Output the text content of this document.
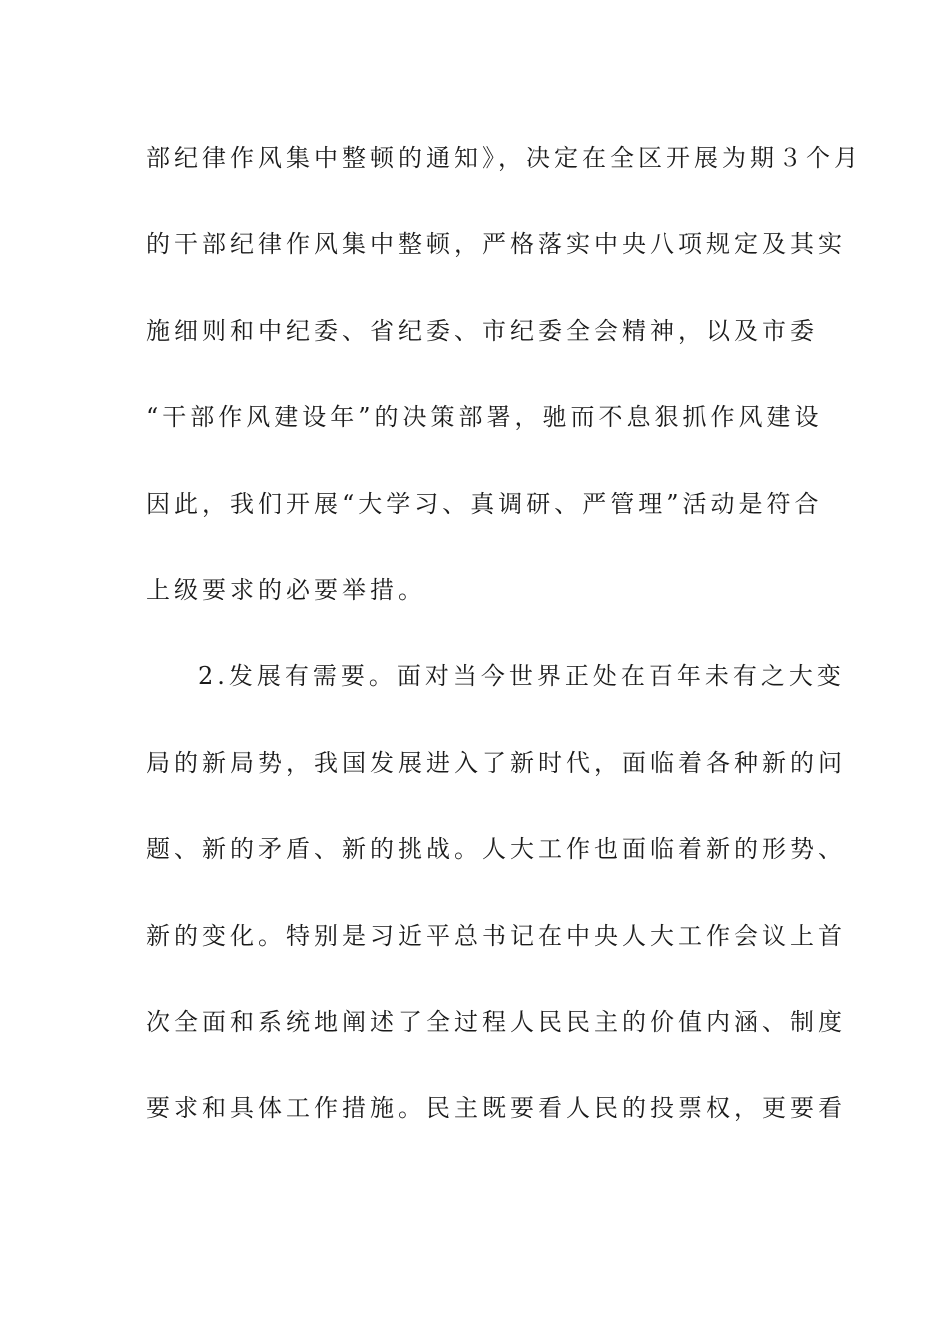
部纪律作风集中整顿的通知》，决定在全区开展为期３个月
的干部纪律作风集中整顿，严格落实中央八项规定及其实
施细则和中纪委、省纪委、市纪委全会精神，以及市委
“干部作风建设年”的决策部署，驰而不息狠抓作风建设
因此，我们开展“大学习、真调研、严管理”活动是符合
上级要求的必要举措。
2.发展有需要。面对当今世界正处在百年未有之大变
局的新局势，我国发展进入了新时代，面临着各种新的问
题、新的矛盾、新的挑战。人大工作也面临着新的形势、
新的变化。特别是习近平总书记在中央人大工作会议上首
次全面和系统地阐述了全过程人民民主的价值内涵、制度
要求和具体工作措施。民主既要看人民的投票权，更要看
